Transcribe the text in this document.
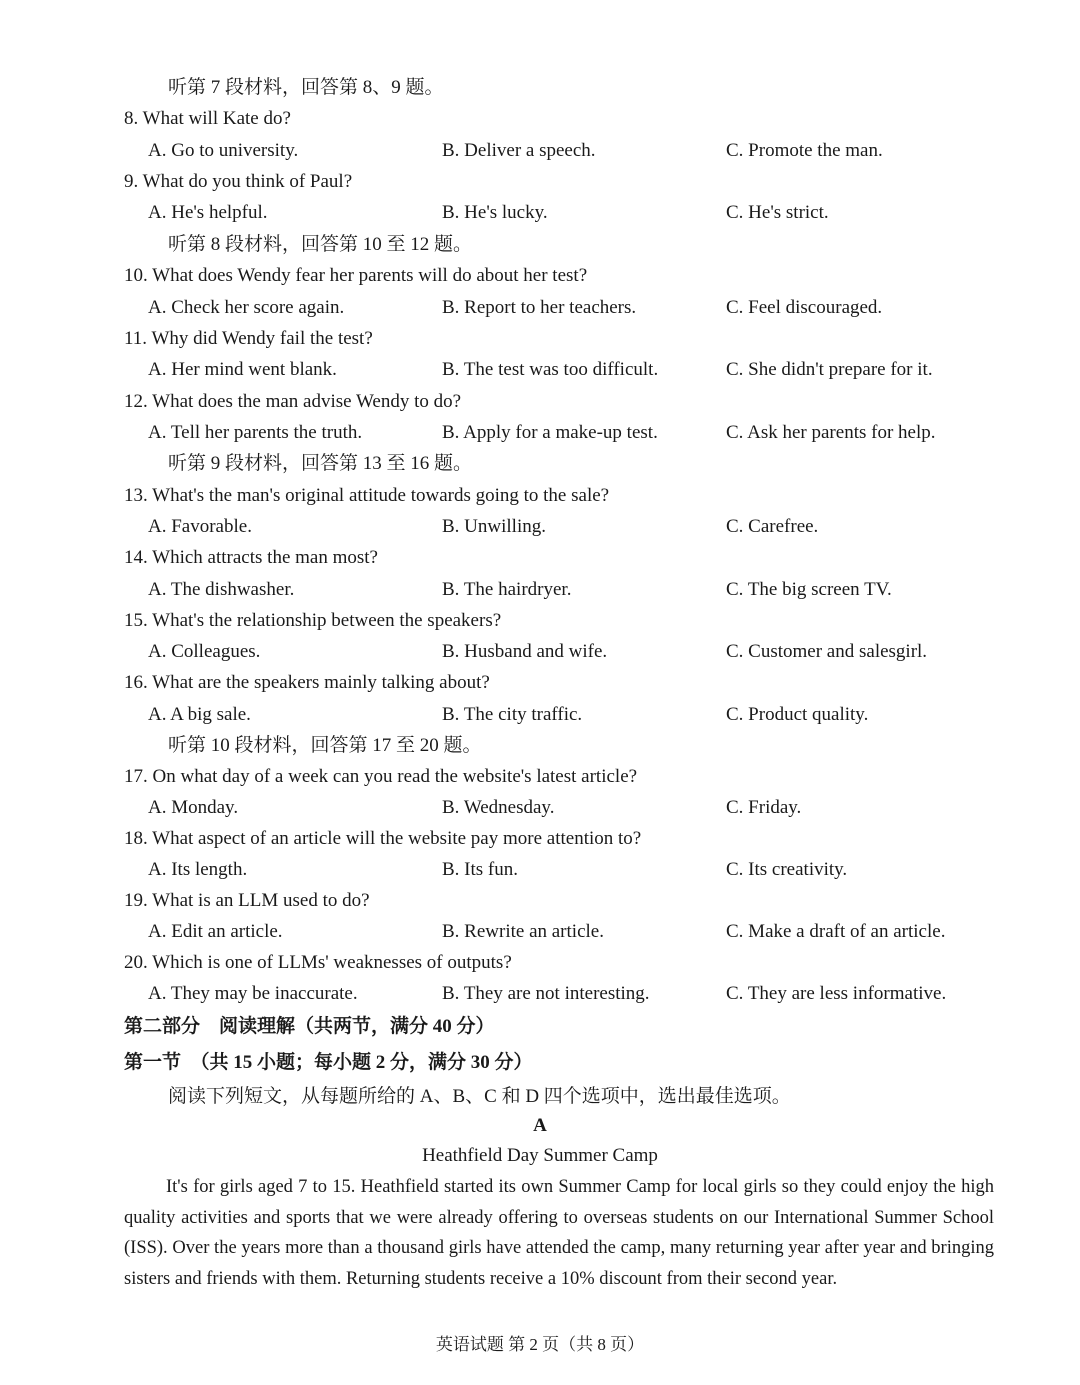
听第 7 段材料，回答第 8、9 题。
8. What will Kate do?
A. Go to university.	B. Deliver a speech.	C. Promote the man.
9. What do you think of Paul?
A. He's helpful.	B. He's lucky.	C. He's strict.
听第 8 段材料，回答第 10 至 12 题。
10. What does Wendy fear her parents will do about her test?
A. Check her score again.	B. Report to her teachers.	C. Feel discouraged.
11. Why did Wendy fail the test?
A. Her mind went blank.	B. The test was too difficult.	C. She didn't prepare for it.
12. What does the man advise Wendy to do?
A. Tell her parents the truth.	B. Apply for a make-up test.	C. Ask her parents for help.
听第 9 段材料，回答第 13 至 16 题。
13. What's the man's original attitude towards going to the sale?
A. Favorable.	B. Unwilling.	C. Carefree.
14. Which attracts the man most?
A. The dishwasher.	B. The hairdryer.	C. The big screen TV.
15. What's the relationship between the speakers?
A. Colleagues.	B. Husband and wife.	C. Customer and salesgirl.
16. What are the speakers mainly talking about?
A. A big sale.	B. The city traffic.	C. Product quality.
听第 10 段材料，回答第 17 至 20 题。
17. On what day of a week can you read the website's latest article?
A. Monday.	B. Wednesday.	C. Friday.
18. What aspect of an article will the website pay more attention to?
A. Its length.	B. Its fun.	C. Its creativity.
19. What is an LLM used to do?
A. Edit an article.	B. Rewrite an article.	C. Make a draft of an article.
20. Which is one of LLMs' weaknesses of outputs?
A. They may be inaccurate.	B. They are not interesting.	C. They are less informative.
第二部分　阅读理解（共两节，满分 40 分）
第一节　（共 15 小题；每小题 2 分，满分 30 分）
阅读下列短文，从每题所给的 A、B、C 和 D 四个选项中，选出最佳选项。
A
Heathfield Day Summer Camp
It's for girls aged 7 to 15. Heathfield started its own Summer Camp for local girls so they could enjoy the high quality activities and sports that we were already offering to overseas students on our International Summer School (ISS). Over the years more than a thousand girls have attended the camp, many returning year after year and bringing sisters and friends with them. Returning students receive a 10% discount from their second year.
英语试题 第 2 页（共 8 页）
